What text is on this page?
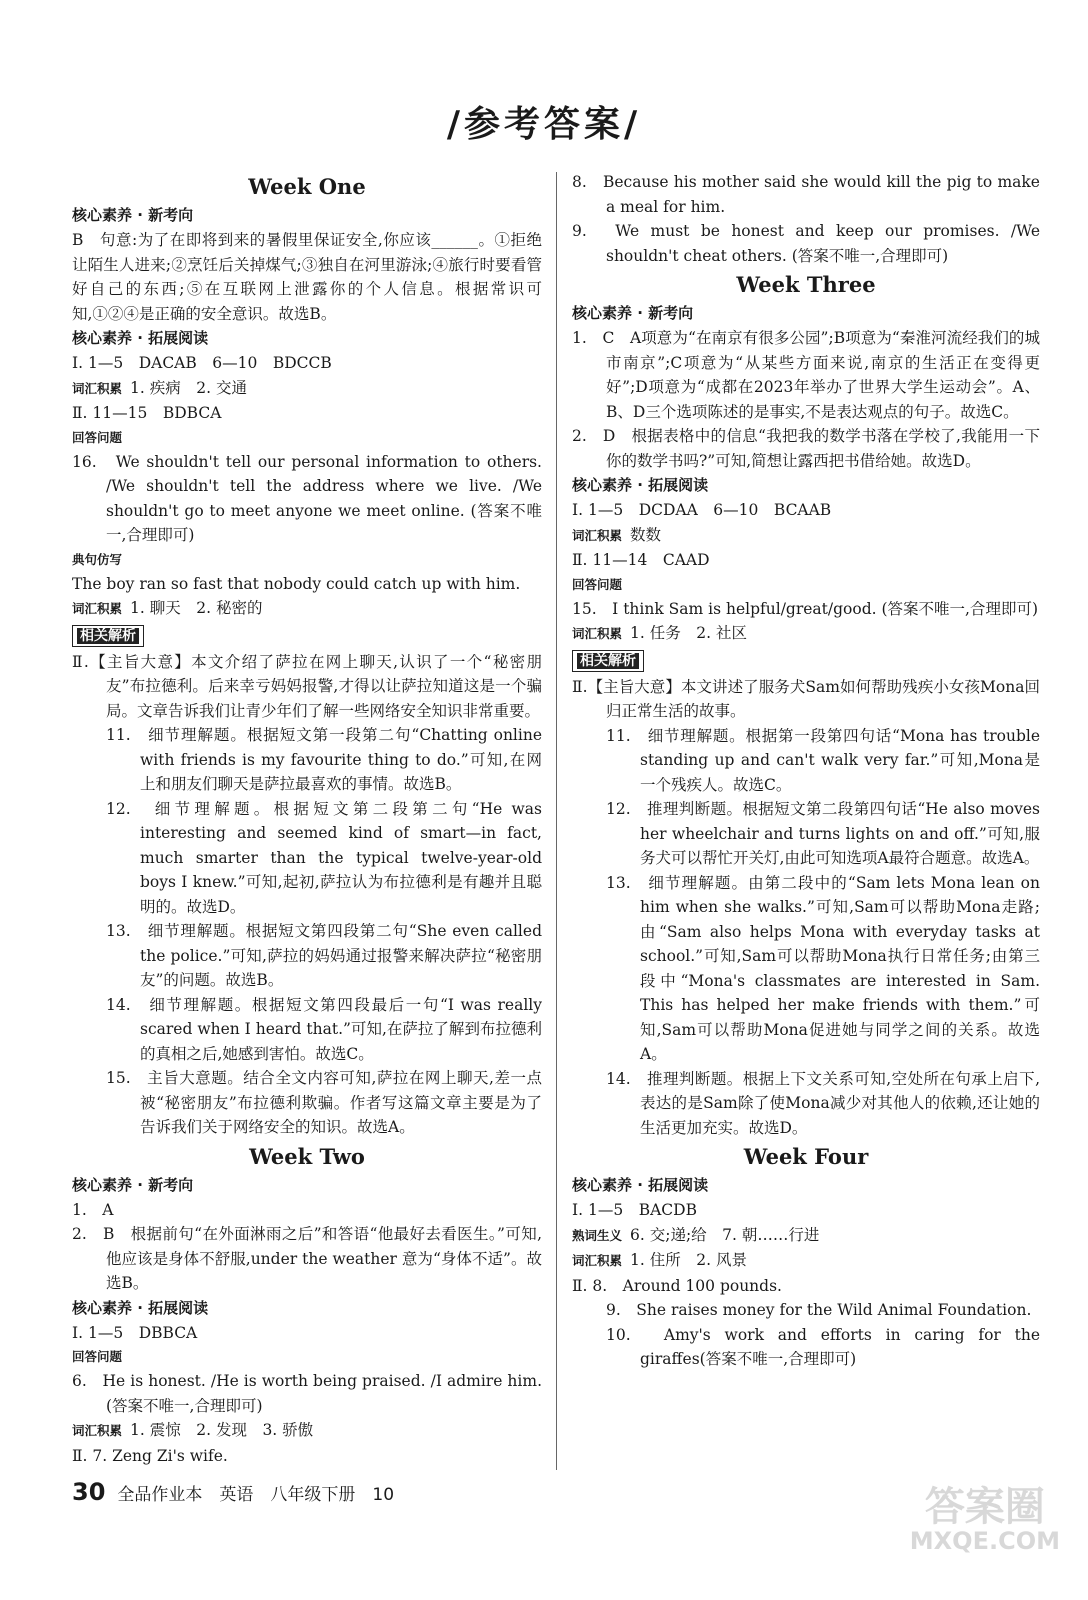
/参考答案/
Week One
核心素养 · 新考向
B　句意:为了在即将到来的暑假里保证安全,你应该______。①拒绝让陌生人进来;②烹饪后关掉煤气;③独自在河里游泳;④旅行时要看管好自己的东西;⑤在互联网上泄露你的个人信息。根据常识可知,①②④是正确的安全意识。故选B。
核心素养 · 拓展阅读
Ⅰ. 1—5　DACAB　6—10　BDCCB
词汇积累 1. 疾病　2. 交通
Ⅱ. 11—15　BDBCA
回答问题
16.　We shouldn't tell our personal information to others. /We shouldn't tell the address where we live. /We shouldn't go to meet anyone we meet online. (答案不唯一,合理即可)
典句仿写
The boy ran so fast that nobody could catch up with him.
词汇积累 1. 聊天　2. 秘密的
相关解析
Ⅱ.【主旨大意】本文介绍了萨拉在网上聊天,认识了一个“秘密朋友”布拉德利。后来幸亏妈妈报警,才得以让萨拉知道这是一个骗局。文章告诉我们让青少年们了解一些网络安全知识非常重要。
11.　细节理解题。根据短文第一段第二句“Chatting online with friends is my favourite thing to do.”可知,在网上和朋友们聊天是萨拉最喜欢的事情。故选B。
12.　细节理解题。根据短文第二段第二句“He was interesting and seemed kind of smart—in fact, much smarter than the typical twelve-year-old boys I knew.”可知,起初,萨拉认为布拉德利是有趣并且聪明的。故选D。
13.　细节理解题。根据短文第四段第二句“She even called the police.”可知,萨拉的妈妈通过报警来解决萨拉“秘密朋友”的问题。故选B。
14.　细节理解题。根据短文第四段最后一句“I was really scared when I heard that.”可知,在萨拉了解到布拉德利的真相之后,她感到害怕。故选C。
15.　主旨大意题。结合全文内容可知,萨拉在网上聊天,差一点被“秘密朋友”布拉德利欺骗。作者写这篇文章主要是为了告诉我们关于网络安全的知识。故选A。
Week Two
核心素养 · 新考向
1.　A
2.　B　根据前句“在外面淋雨之后”和答语“他最好去看医生。”可知,他应该是身体不舒服,under the weather 意为“身体不适”。故选B。
核心素养 · 拓展阅读
Ⅰ. 1—5　DBBCA
回答问题
6.　He is honest. /He is worth being praised. /I admire him. (答案不唯一,合理即可)
词汇积累 1. 震惊　2. 发现　3. 骄傲
Ⅱ. 7. Zeng Zi's wife.
8.　Because his mother said she would kill the pig to make a meal for him.
9.　We must be honest and keep our promises. /We shouldn't cheat others. (答案不唯一,合理即可)
Week Three
核心素养 · 新考向
1.　C　A项意为“在南京有很多公园”;B项意为“秦淮河流经我们的城市南京”;C项意为“从某些方面来说,南京的生活正在变得更好”;D项意为“成都在2023年举办了世界大学生运动会”。A、B、D三个选项陈述的是事实,不是表达观点的句子。故选C。
2.　D　根据表格中的信息“我把我的数学书落在学校了,我能用一下你的数学书吗?”可知,简想让露西把书借给她。故选D。
核心素养 · 拓展阅读
Ⅰ. 1—5　DCDAA　6—10　BCAAB
词汇积累 数数
Ⅱ. 11—14　CAAD
回答问题
15.　I think Sam is helpful/great/good. (答案不唯一,合理即可)
词汇积累 1. 任务　2. 社区
相关解析
Ⅱ.【主旨大意】本文讲述了服务犬Sam如何帮助残疾小女孩Mona回归正常生活的故事。
11.　细节理解题。根据第一段第四句话“Mona has trouble standing up and can't walk very far.”可知,Mona是一个残疾人。故选C。
12.　推理判断题。根据短文第二段第四句话“He also moves her wheelchair and turns lights on and off.”可知,服务犬可以帮忙开关灯,由此可知选项A最符合题意。故选A。
13.　细节理解题。由第二段中的“Sam lets Mona lean on him when she walks.”可知,Sam可以帮助Mona走路;由“Sam also helps Mona with everyday tasks at school.”可知,Sam可以帮助Mona执行日常任务;由第三段中“Mona's classmates are interested in Sam. This has helped her make friends with them.”可知,Sam可以帮助Mona促进她与同学之间的关系。故选A。
14.　推理判断题。根据上下文关系可知,空处所在句承上启下,表达的是Sam除了使Mona减少对其他人的依赖,还让她的生活更加充实。故选D。
Week Four
核心素养 · 拓展阅读
Ⅰ. 1—5　BACDB
熟词生义 6. 交;递;给　7. 朝……行进
词汇积累 1. 住所　2. 风景
Ⅱ. 8.　Around 100 pounds.
9.　She raises money for the Wild Animal Foundation.
10.　Amy's work and efforts in caring for the giraffes(答案不唯一,合理即可)
30 全品作业本　英语　八年级下册　10	答案圈
MXQE.COM
